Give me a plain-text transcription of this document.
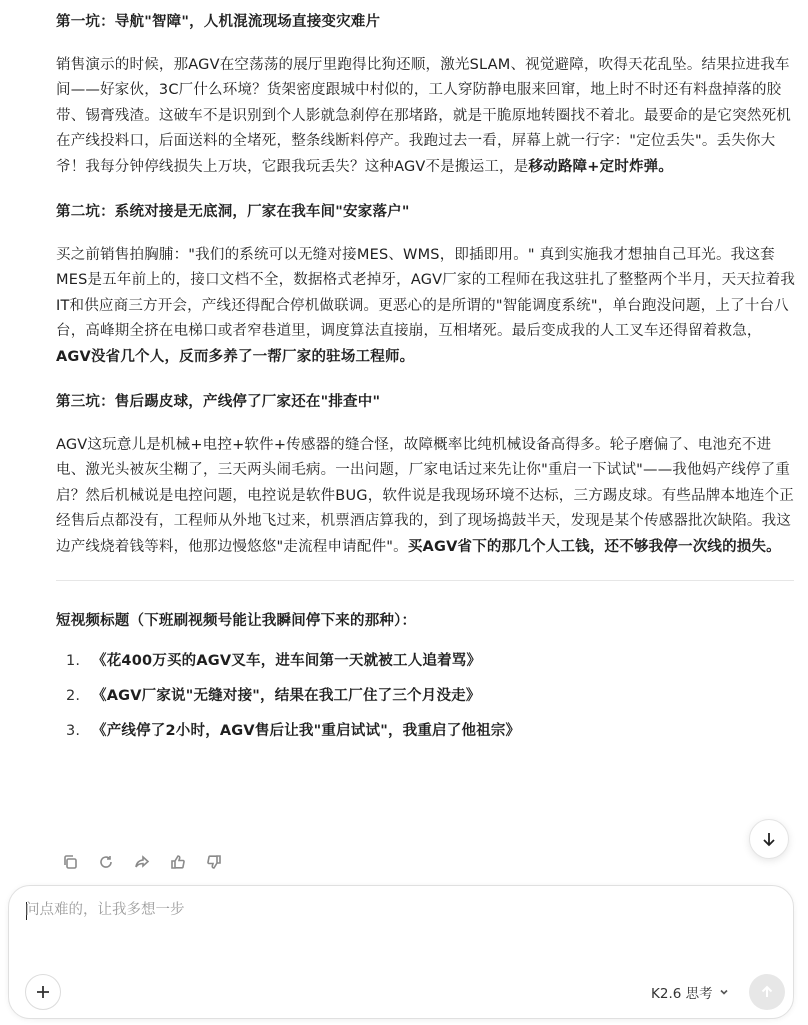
第一坑：导航"智障"，人机混流现场直接变灾难片
销售演示的时候，那AGV在空荡荡的展厅里跑得比狗还顺，激光SLAM、视觉避障，吹得天花乱坠。结果拉进我车间——好家伙，3C厂什么环境？货架密度跟城中村似的，工人穿防静电服来回窜，地上时不时还有料盘掉落的胶带、锡膏残渣。这破车不是识别到个人影就急刹停在那堵路，就是干脆原地转圈找不着北。最要命的是它突然死机在产线投料口，后面送料的全堵死，整条线断料停产。我跑过去一看，屏幕上就一行字："定位丢失"。丢失你大爷！我每分钟停线损失上万块，它跟我玩丢失？这种AGV不是搬运工，是移动路障+定时炸弹。
第二坑：系统对接是无底洞，厂家在我车间"安家落户"
买之前销售拍胸脯："我们的系统可以无缝对接MES、WMS，即插即用。" 真到实施我才想抽自己耳光。我这套MES是五年前上的，接口文档不全，数据格式老掉牙，AGV厂家的工程师在我这驻扎了整整两个半月，天天拉着我IT和供应商三方开会，产线还得配合停机做联调。更恶心的是所谓的"智能调度系统"，单台跑没问题，上了十台八台，高峰期全挤在电梯口或者窄巷道里，调度算法直接崩，互相堵死。最后变成我的人工叉车还得留着救急，AGV没省几个人，反而多养了一帮厂家的驻场工程师。
第三坑：售后踢皮球，产线停了厂家还在"排查中"
AGV这玩意儿是机械+电控+软件+传感器的缝合怪，故障概率比纯机械设备高得多。轮子磨偏了、电池充不进电、激光头被灰尘糊了，三天两头闹毛病。一出问题，厂家电话过来先让你"重启一下试试"——我他妈产线停了重启？然后机械说是电控问题，电控说是软件BUG，软件说是我现场环境不达标，三方踢皮球。有些品牌本地连个正经售后点都没有，工程师从外地飞过来，机票酒店算我的，到了现场捣鼓半天，发现是某个传感器批次缺陷。我这边产线烧着钱等料，他那边慢悠悠"走流程申请配件"。买AGV省下的那几个人工钱，还不够我停一次线的损失。
短视频标题（下班刷视频号能让我瞬间停下来的那种）：
1. 《花400万买的AGV叉车，进车间第一天就被工人追着骂》
2. 《AGV厂家说"无缝对接"，结果在我工厂住了三个月没走》
3. 《产线停了2小时，AGV售后让我"重启试试"，我重启了他祖宗》
问点难的，让我多想一步
K2.6 思考
